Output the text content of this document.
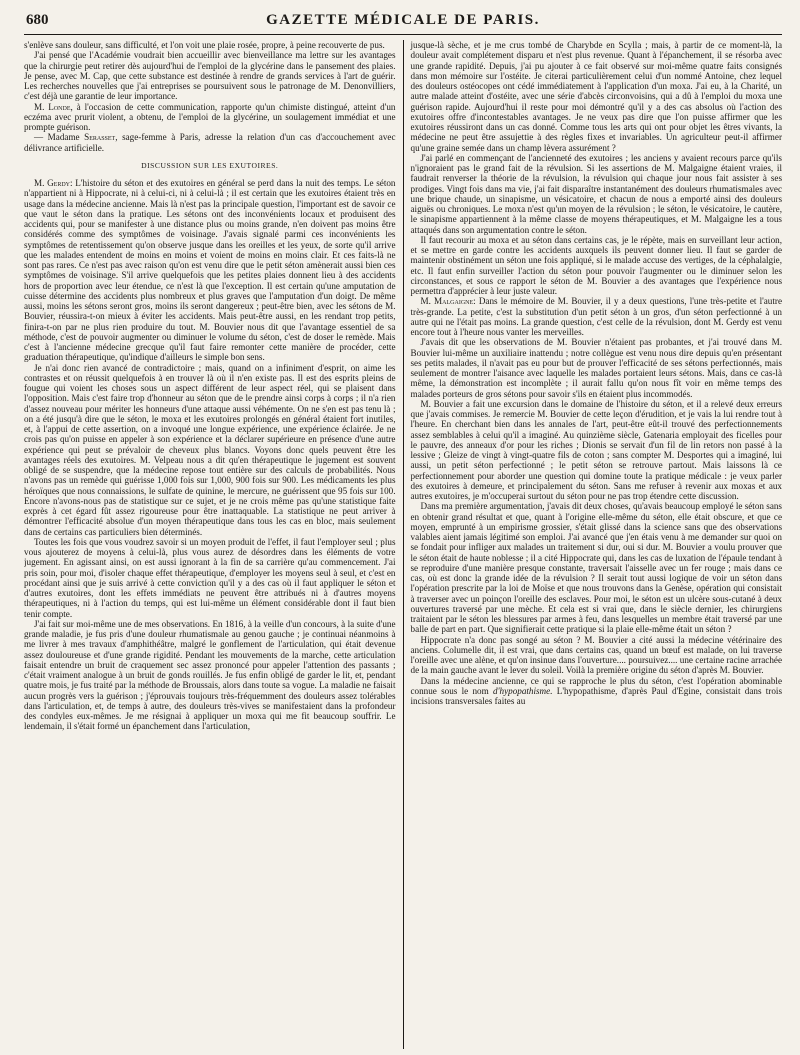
680	GAZETTE MÉDICALE DE PARIS.

s'enlève sans douleur, sans difficulté, et l'on voit une plaie rosée, propre, à peine recouverte de pus.

J'ai pensé que l'Académie voudrait bien accueillir avec bienveillance ma lettre sur les avantages que la chirurgie peut retirer dès aujourd'hui de l'emploi de la glycérine dans le pansement des plaies. Je pense, avec M. Cap, que cette substance est destinée à rendre de grands services à l'art de guérir. Les recherches nouvelles que j'ai entreprises se poursuivent sous le patronage de M. Denonvilliers, c'est déjà une garantie de leur importance.

M. Londe, à l'occasion de cette communication, rapporte qu'un chimiste distingué, atteint d'un eczéma avec prurit violent, a obtenu, de l'emploi de la glycérine, un soulagement immédiat et une prompte guérison.

— Madame Serasset, sage-femme à Paris, adresse la relation d'un cas d'accouchement avec délivrance artificielle.

DISCUSSION SUR LES EXUTOIRES.

M. Gerdy: L'histoire du séton et des exutoires en général se perd dans la nuit des temps. Le séton n'appartient ni à Hippocrate, ni à celui-ci, ni à celui-là ; il est certain que les exutoires étaient très en usage dans la médecine ancienne. Mais là n'est pas la principale question, l'important est de savoir ce que vaut le séton dans la pratique. Les sétons ont des inconvénients locaux et produisent des accidents qui, pour se manifester à une distance plus ou moins grande, n'en doivent pas moins être considérés comme des symptômes de voisinage. J'avais signalé parmi ces inconvénients les symptômes de retentissement qu'on observe jusque dans les oreilles et les yeux, de sorte qu'il arrive que les malades entendent de moins en moins et voient de moins en moins clair. Et ces faits-là ne sont pas rares. Ce n'est pas avec raison qu'on est venu dire que le petit séton amènerait aussi bien ces symptômes de voisinage. S'il arrive quelquefois que les petites plaies donnent lieu à des accidents hors de proportion avec leur étendue, ce n'est là que l'exception. Il est certain qu'une amputation de cuisse détermine des accidents plus nombreux et plus graves que l'amputation d'un doigt. De même aussi, moins les sétons seront gros, moins ils seront dangereux ; peut-être bien, avec les sétons de M. Bouvier, réussira-t-on mieux à éviter les accidents. Mais peut-être aussi, en les rendant trop petits, finira-t-on par ne plus rien produire du tout. M. Bouvier nous dit que l'avantage essentiel de sa méthode, c'est de pouvoir augmenter ou diminuer le volume du séton, c'est de doser le remède. Mais c'est à l'ancienne médecine grecque qu'il faut faire remonter cette manière de procéder, cette graduation thérapeutique, qu'indique d'ailleurs le simple bon sens.

Je n'ai donc rien avancé de contradictoire ; mais, quand on a infiniment d'esprit, on aime les contrastes et on réussit quelquefois à en trouver là où il n'en existe pas. Il est des esprits pleins de fougue qui voient les choses sous un aspect différent de leur aspect réel, qui se plaisent dans l'opposition. Mais c'est faire trop d'honneur au séton que de le prendre ainsi corps à corps ; il n'a rien d'assez nouveau pour mériter les honneurs d'une attaque aussi véhémente. On ne s'en est pas tenu là ; on a été jusqu'à dire que le séton, le moxa et les exutoires prolongés en général étaient fort inutiles, et, à l'appui de cette assertion, on a invoqué une longue expérience, une expérience éclairée. Je ne crois pas qu'on puisse en appeler à son expérience et la déclarer supérieure en présence d'une autre expérience qui peut se prévaloir de cheveux plus blancs. Voyons donc quels peuvent être les avantages réels des exutoires. M. Velpeau nous a dit qu'en thérapeutique le jugement est souvent obligé de se suspendre, que la médecine repose tout entière sur des calculs de probabilités. Nous n'avons pas un remède qui guérisse 1,000 fois sur 1,000, 900 fois sur 900. Les médicaments les plus héroïques que nous connaissions, le sulfate de quinine, le mercure, ne guérissent que 95 fois sur 100. Encore n'avons-nous pas de statistique sur ce sujet, et je ne crois même pas qu'une statistique faite exprès à cet égard fût assez rigoureuse pour être inattaquable. La statistique ne peut arriver à démontrer l'efficacité absolue d'un moyen thérapeutique dans tous les cas en bloc, mais seulement dans de certains cas particuliers bien déterminés.

Toutes les fois que vous voudrez savoir si un moyen produit de l'effet, il faut l'employer seul ; plus vous ajouterez de moyens à celui-là, plus vous aurez de désordres dans les éléments de votre jugement. En agissant ainsi, on est aussi ignorant à la fin de sa carrière qu'au commencement. J'ai pris soin, pour moi, d'isoler chaque effet thérapeutique, d'employer les moyens seul à seul, et c'est en procédant ainsi que je suis arrivé à cette conviction qu'il y a des cas où il faut appliquer le séton et d'autres exutoires, dont les effets immédiats ne peuvent être attribués ni à d'autres moyens thérapeutiques, ni à l'action du temps, qui est lui-même un élément considérable dont il faut bien tenir compte.

J'ai fait sur moi-même une de mes observations. En 1816, à la veille d'un concours, à la suite d'une grande maladie, je fus pris d'une douleur rhumatismale au genou gauche ; je continuai néanmoins à me livrer à mes travaux d'amphithéâtre, malgré le gonflement de l'articulation, qui était devenue assez douloureuse et d'une grande rigidité. Pendant les mouvements de la marche, cette articulation faisait entendre un bruit de craquement sec assez prononcé pour appeler l'attention des passants ; c'était vraiment analogue à un bruit de gonds rouillés. Je fus enfin obligé de garder le lit, et, pendant quatre mois, je fus traité par la méthode de Broussais, alors dans toute sa vogue. La maladie ne faisait aucun progrès vers la guérison ; j'éprouvais toujours très-fréquemment des douleurs assez tolérables dans l'articulation, et, de temps à autre, des douleurs très-vives se manifestaient dans la profondeur des condyles eux-mêmes. Je me résignai à appliquer un moxa qui me fit beaucoup souffrir. Le lendemain, il s'était formé un épanchement dans l'articulation,

jusque-là sèche, et je me crus tombé de Charybde en Scylla ; mais, à partir de ce moment-là, la douleur avait complétement disparu et n'est plus revenue. Quant à l'épanchement, il se résorba avec une grande rapidité. Depuis, j'ai pu ajouter à ce fait observé sur moi-même quatre faits consignés dans mon mémoire sur l'ostéite. Je citerai particulièrement celui d'un nommé Antoine, chez lequel des douleurs ostéocopes ont cédé immédiatement à l'application d'un moxa. J'ai eu, à la Charité, un autre malade atteint d'ostéite, avec une série d'abcès circonvoisins, qui a dû à l'emploi du moxa une guérison rapide. Aujourd'hui il reste pour moi démontré qu'il y a des cas absolus où l'action des exutoires offre d'incontestables avantages. Je ne veux pas dire que l'on puisse affirmer que les exutoires réussiront dans un cas donné. Comme tous les arts qui ont pour objet les êtres vivants, la médecine ne peut être assujettie à des règles fixes et invariables. Un agriculteur peut-il affirmer qu'une graine semée dans un champ lèvera assurément ?

J'ai parlé en commençant de l'ancienneté des exutoires ; les anciens y avaient recours parce qu'ils n'ignoraient pas le grand fait de la révulsion. Si les assertions de M. Malgaigne étaient vraies, il faudrait renverser la théorie de la révulsion, la révulsion qui chaque jour nous fait assister à ses prodiges. Vingt fois dans ma vie, j'ai fait disparaître instantanément des douleurs rhumatismales avec une brique chaude, un sinapisme, un vésicatoire, et chacun de nous a emporté ainsi des douleurs aiguës ou chroniques. Le moxa n'est qu'un moyen de la révulsion ; le séton, le vésicatoire, le cautère, le sinapisme appartiennent à la même classe de moyens thérapeutiques, et M. Malgaigne les a tous attaqués dans son argumentation contre le séton.

Il faut recourir au moxa et au séton dans certains cas, je le répète, mais en surveillant leur action, et se mettre en garde contre les accidents auxquels ils peuvent donner lieu. Il faut se garder de maintenir obstinément un séton une fois appliqué, si le malade accuse des vertiges, de la céphalalgie, etc. Il faut enfin surveiller l'action du séton pour pouvoir l'augmenter ou le diminuer selon les circonstances, et sous ce rapport le séton de M. Bouvier a des avantages que l'expérience nous permettra d'apprécier à leur juste valeur.

M. Malgaigne: Dans le mémoire de M. Bouvier, il y a deux questions, l'une très-petite et l'autre très-grande. La petite, c'est la substitution d'un petit séton à un gros, d'un séton perfectionné à un autre qui ne l'était pas moins. La grande question, c'est celle de la révulsion, dont M. Gerdy est venu encore tout à l'heure nous vanter les merveilles.

J'avais dit que les observations de M. Bouvier n'étaient pas probantes, et j'ai trouvé dans M. Bouvier lui-même un auxiliaire inattendu ; notre collègue est venu nous dire depuis qu'en présentant ses petits malades, il n'avait pas eu pour but de prouver l'efficacité de ses sétons perfectionnés, mais seulement de montrer l'aisance avec laquelle les malades portaient leurs sétons. Mais, dans ce cas-là même, la démonstration est incomplète ; il aurait fallu qu'on nous fît voir en même temps des malades porteurs de gros sétons pour savoir s'ils en étaient plus incommodés.

M. Bouvier a fait une excursion dans le domaine de l'histoire du séton, et il a relevé deux erreurs que j'avais commises. Je remercie M. Bouvier de cette leçon d'érudition, et je vais la lui rendre tout à l'heure. En cherchant bien dans les annales de l'art, peut-être eût-il trouvé des perfectionnements assez semblables à celui qu'il a imaginé. Au quinzième siècle, Gatenaria employait des ficelles pour le pauvre, des anneaux d'or pour les riches ; Dionis se servait d'un fil de lin retors non passé à la lessive ; Gleize de vingt à vingt-quatre fils de coton ; sans compter M. Desportes qui a imaginé, lui aussi, un petit séton perfectionné ; le petit séton se retrouve partout. Mais laissons là ce perfectionnement pour aborder une question qui domine toute la pratique médicale : je veux parler des exutoires à demeure, et principalement du séton. Sans me refuser à revenir aux moxas et aux autres exutoires, je m'occuperai surtout du séton pour ne pas trop étendre cette discussion.

Dans ma première argumentation, j'avais dit deux choses, qu'avais beaucoup employé le séton sans en obtenir grand résultat et que, quant à l'origine elle-même du séton, elle était obscure, et que ce moyen, emprunté à un empirisme grossier, s'était glissé dans la science sans que des observations valables aient jamais légitimé son emploi. J'ai avancé que j'en étais venu à me demander sur quoi on se fondait pour infliger aux malades un traitement si dur, oui si dur. M. Bouvier a voulu prouver que le séton était de haute noblesse ; il a cité Hippocrate qui, dans les cas de luxation de l'épaule tendant à se reproduire d'une manière presque constante, traversait l'aisselle avec un fer rouge ; mais dans ce cas, où est donc la grande idée de la révulsion ? Il serait tout aussi logique de voir un séton dans l'opération prescrite par la loi de Moïse et que nous trouvons dans la Genèse, opération qui consistait à traverser avec un poinçon l'oreille des esclaves. Pour moi, le séton est un ulcère sous-cutané à deux ouvertures traversé par une mèche. Et cela est si vrai que, dans le siècle dernier, les chirurgiens traitaient par le séton les blessures par armes à feu, dans lesquelles un membre était traversé par une balle de part en part. Que signifierait cette pratique si la plaie elle-même était un séton ?

Hippocrate n'a donc pas songé au séton ? M. Bouvier a cité aussi la médecine vétérinaire des anciens. Columelle dit, il est vrai, que dans certains cas, quand un bœuf est malade, on lui traverse l'oreille avec une alène, et qu'on insinue dans l'ouverture.... poursuivez.... une certaine racine arrachée de la main gauche avant le lever du soleil. Voilà la première origine du séton d'après M. Bouvier.

Dans la médecine ancienne, ce qui se rapproche le plus du séton, c'est l'opération abominable connue sous le nom d'hypopathisme. L'hypopathisme, d'après Paul d'Egine, consistait dans trois incisions transversales faites au
